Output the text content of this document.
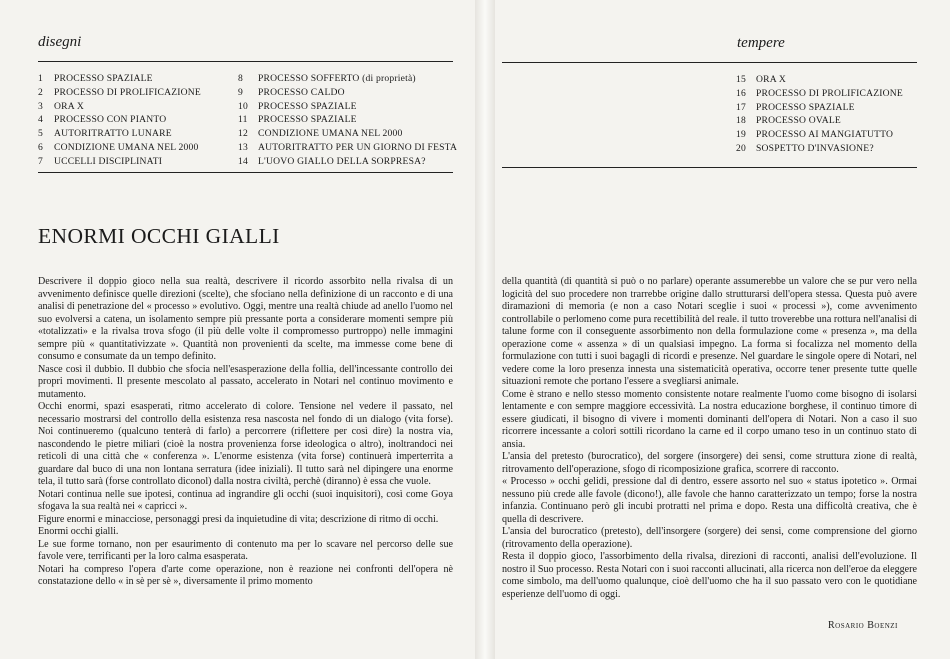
disegni
1 PROCESSO SPAZIALE
2 PROCESSO DI PROLIFICAZIONE
3 ORA X
4 PROCESSO CON PIANTO
5 AUTORITRATTO LUNARE
6 CONDIZIONE UMANA NEL 2000
7 UCCELLI DISCIPLINATI
8 PROCESSO SOFFERTO (di proprietà)
9 PROCESSO CALDO
10 PROCESSO SPAZIALE
11 PROCESSO SPAZIALE
12 CONDIZIONE UMANA NEL 2000
13 AUTORITRATTO PER UN GIORNO DI FESTA
14 L'UOVO GIALLO DELLA SORPRESA?
ENORMI OCCHI GIALLI

Descrivere il doppio gioco nella sua realtà, descrivere il ricordo assorbito nella rivalsa di un avvenimento definisce quelle direzioni (scelte), che sfociano nella definizione di un racconto e di una analisi di penetrazione del « processo » evolutivo. Oggi, mentre una realtà chiude ad anello l'uomo nel suo evolversi a catena, un isolamento sempre più pressante porta a considerare momenti sempre più «totalizzati» e la rivalsa trova sfogo (il più delle volte il compromesso purtroppo) nelle immagini sempre più « quantitativizzate ». Quantità non provenienti da scelte, ma immesse come bene di consumo e consumate da un tempo definito.

Nasce così il dubbio. Il dubbio che sfocia nell'esasperazione della follia, dell'incessante controllo dei propri movimenti. Il presente mescolato al passato, accelerato in Notari nel continuo movimento e mutamento.

Occhi enormi, spazi esasperati, ritmo accelerato di colore. Tensione nel vedere il passato, nel necessario mostrarsi del controllo della esistenza resa nascosta nel fondo di un dialogo (vita forse). Noi continueremo (qualcuno tenterà di farlo) a percorrere (riflettere per così dire) la nostra via, nascondendo le pietre miliari (cioè la nostra provenienza forse ideologica o altro), inoltrandoci nei reticoli di una città che « conferenza ». L'enorme esistenza (vita forse) continuerà imperterrita a guardare dal buco di una non lontana serratura (idee iniziali). Il tutto sarà nel dipingere una enorme tela, il tutto sarà (forse controllato diconol) dalla nostra civiltà, perchè (diranno) è essa che vuole.

Notari continua nelle sue ipotesi, continua ad ingrandire gli occhi (suoi inquisitori), così come Goya sfogava la sua realtà nei « capricci ».

Figure enormi e minacciose, personaggi presi da inquietudine di vita; descrizione di ritmo di occhi.

Enormi occhi gialli.

Le sue forme tornano, non per esaurimento di contenuto ma per lo scavare nel percorso delle sue favole vere, terrificanti per la loro calma esasperata.

Notari ha compreso l'opera d'arte come operazione, non è reazione nei confronti dell'opera nè constatazione dello « in sè per sè », diversamente il primo momento

tempere
15 ORA X
16 PROCESSO DI PROLIFICAZIONE
17 PROCESSO SPAZIALE
18 PROCESSO OVALE
19 PROCESSO AI MANGIATUTTO
20 SOSPETTO D'INVASIONE?

della quantità (di quantità si può o no parlare) operante assumerebbe un valore che se pur vero nella logicità del suo procedere non trarrebbe origine dallo strutturarsi dell'opera stessa. Questa può avere diramazioni di memoria (e non a caso Notari sceglie i suoi « processi »), come avvenimento controllabile o perlomeno come pura recettibilità del reale. il tutto troverebbe una rottura nell'analisi di talune forme con il conseguente assorbimento non della formulazione come « presenza », ma della operazione come « assenza » di un qualsiasi impegno. La forma si focalizza nel momento della formulazione con tutti i suoi bagagli di ricordi e presenze. Nel guardare le singole opere di Notari, nel vedere come la loro presenza innesta una sistematicità operativa, occorre tener presente tutte quelle situazioni remote che portano l'essere a svegliarsi animale.

Come è strano e nello stesso momento consistente notare realmente l'uomo come bisogno di isolarsi lentamente e con sempre maggiore eccessività. La nostra educazione borghese, il continuo timore di essere giudicati, il bisogno di vivere i momenti dominanti dell'opera di Notari. Non a caso il suo ricorrere incessante a colori sottili ricordano la carne ed il corpo umano teso in un continuo stato di ansia.

L'ansia del pretesto (burocratico), del sorgere (insorgere) dei sensi, come struttura zione di realtà, ritrovamento dell'operazione, sfogo di ricomposizione grafica, scorrere di racconto.

« Processo » occhi gelidi, pressione dal di dentro, essere assorto nel suo « status ipotetico ». Ormai nessuno più crede alle favole (dicono!), alle favole che hanno caratterizzato un tempo; forse la nostra infanzia. Continuano però gli incubi protratti nel prima e dopo. Resta una difficoltà creativa, che è quella di descrivere.

L'ansia del burocratico (pretesto), dell'insorgere (sorgere) dei sensi, come comprensione del giorno (ritrovamento della operazione).

Resta il doppio gioco, l'assorbimento della rivalsa, direzioni di racconti, analisi dell'evoluzione. Il nostro il Suo processo. Resta Notari con i suoi racconti allucinati, alla ricerca non dell'eroe da eleggere come simbolo, ma dell'uomo qualunque, cioè dell'uomo che ha il suo passato vero con le quotidiane esperienze dell'uomo di oggi.

Rosario Boenzi
